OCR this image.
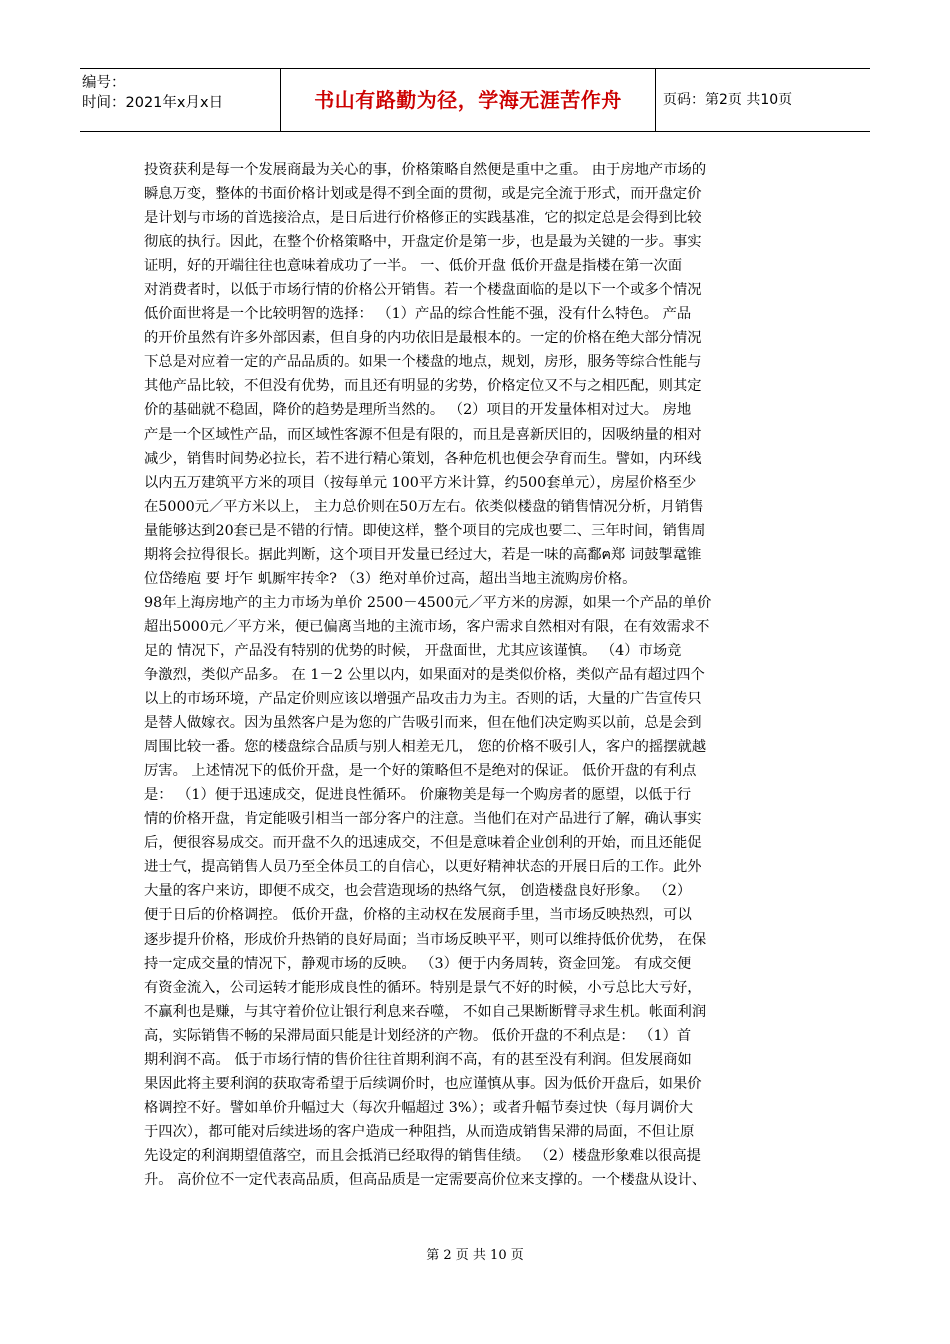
编号：
时间：2021年x月x日	书山有路勤为径，学海无涯苦作舟	页码：第2页 共10页
投资获利是每一个发展商最为关心的事，价格策略自然便是重中之重。 由于房地产市场的
瞬息万变，整体的书面价格计划或是得不到全面的贯彻，或是完全流于形式，而开盘定价
是计划与市场的首选接洽点，是日后进行价格修正的实践基准，它的拟定总是会得到比较
彻底的执行。因此，在整个价格策略中，开盘定价是第一步，也是最为关键的一步。事实
证明，好的开端往往也意味着成功了一半。 一、低价开盘 低价开盘是指楼在第一次面
对消费者时，以低于市场行情的价格公开销售。若一个楼盘面临的是以下一个或多个情况
低价面世将是一个比较明智的选择： （1）产品的综合性能不强，没有什么特色。 产品
的开价虽然有许多外部因素，但自身的内功依旧是最根本的。一定的价格在绝大部分情况
下总是对应着一定的产品品质的。如果一个楼盘的地点，规划，房形，服务等综合性能与
其他产品比较，不但没有优势，而且还有明显的劣势，价格定位又不与之相匹配，则其定
价的基础就不稳固，降价的趋势是理所当然的。 （2）项目的开发量体相对过大。 房地
产是一个区域性产品，而区域性客源不但是有限的，而且是喜新厌旧的，因吸纳量的相对
减少，销售时间势必拉长，若不进行精心策划，各种危机也便会孕育而生。譬如，内环线
以内五万建筑平方米的项目（按每单元 100平方米计算，约500套单元），房屋价格至少
在5000元／平方米以上， 主力总价则在50万左右。依类似楼盘的销售情况分析，月销售
量能够达到20套已是不错的行情。即使这样，整个项目的完成也要二、三年时间，销售周
期将会拉得很长。据此判断，这个项目开发量已经过大，若是一味的高鄱ฅ郑 词鼓掣鼋锥
位岱绻庖 要 圩乍 虮厮牢抟伞? （3）绝对单价过高，超出当地主流购房价格。
98年上海房地产的主力市场为单价 2500－4500元／平方米的房源，如果一个产品的单价
超出5000元／平方米，便已偏离当地的主流市场，客户需求自然相对有限，在有效需求不
足的 情况下，产品没有特别的优势的时候， 开盘面世，尤其应该谨慎。 （4）市场竞
争激烈，类似产品多。 在 1－2 公里以内，如果面对的是类似价格，类似产品有超过四个
以上的市场环境，产品定价则应该以增强产品攻击力为主。否则的话，大量的广告宣传只
是替人做嫁衣。因为虽然客户是为您的广告吸引而来，但在他们决定购买以前，总是会到
周围比较一番。您的楼盘综合品质与别人相差无几， 您的价格不吸引人，客户的摇摆就越
厉害。 上述情况下的低价开盘，是一个好的策略但不是绝对的保证。 低价开盘的有利点
是： （1）便于迅速成交，促进良性循环。 价廉物美是每一个购房者的愿望，以低于行
情的价格开盘，肯定能吸引相当一部分客户的注意。当他们在对产品进行了解，确认事实
后，便很容易成交。而开盘不久的迅速成交，不但是意味着企业创利的开始，而且还能促
进士气，提高销售人员乃至全体员工的自信心，以更好精神状态的开展日后的工作。此外
大量的客户来访，即便不成交，也会营造现场的热络气氛， 创造楼盘良好形象。 （2）
便于日后的价格调控。 低价开盘，价格的主动权在发展商手里，当市场反映热烈，可以
逐步提升价格，形成价升热销的良好局面；当市场反映平平，则可以维持低价优势， 在保
持一定成交量的情况下，静观市场的反映。 （3）便于内务周转，资金回笼。 有成交便
有资金流入，公司运转才能形成良性的循环。特别是景气不好的时候，小亏总比大亏好，
不赢利也是赚，与其守着价位让银行利息来吞噬， 不如自己果断断臂寻求生机。帐面利润
高，实际销售不畅的呆滞局面只能是计划经济的产物。 低价开盘的不利点是： （1）首
期利润不高。 低于市场行情的售价往往首期利润不高，有的甚至没有利润。但发展商如
果因此将主要利润的获取寄希望于后续调价时，也应谨慎从事。因为低价开盘后，如果价
格调控不好。譬如单价升幅过大（每次升幅超过 3%）；或者升幅节奏过快（每月调价大
于四次），都可能对后续进场的客户造成一种阻挡，从而造成销售呆滞的局面，不但让原
先设定的利润期望值落空，而且会抵消已经取得的销售佳绩。 （2）楼盘形象难以很高提
升。 高价位不一定代表高品质，但高品质是一定需要高价位来支撑的。一个楼盘从设计、
第 2 页 共 10 页
